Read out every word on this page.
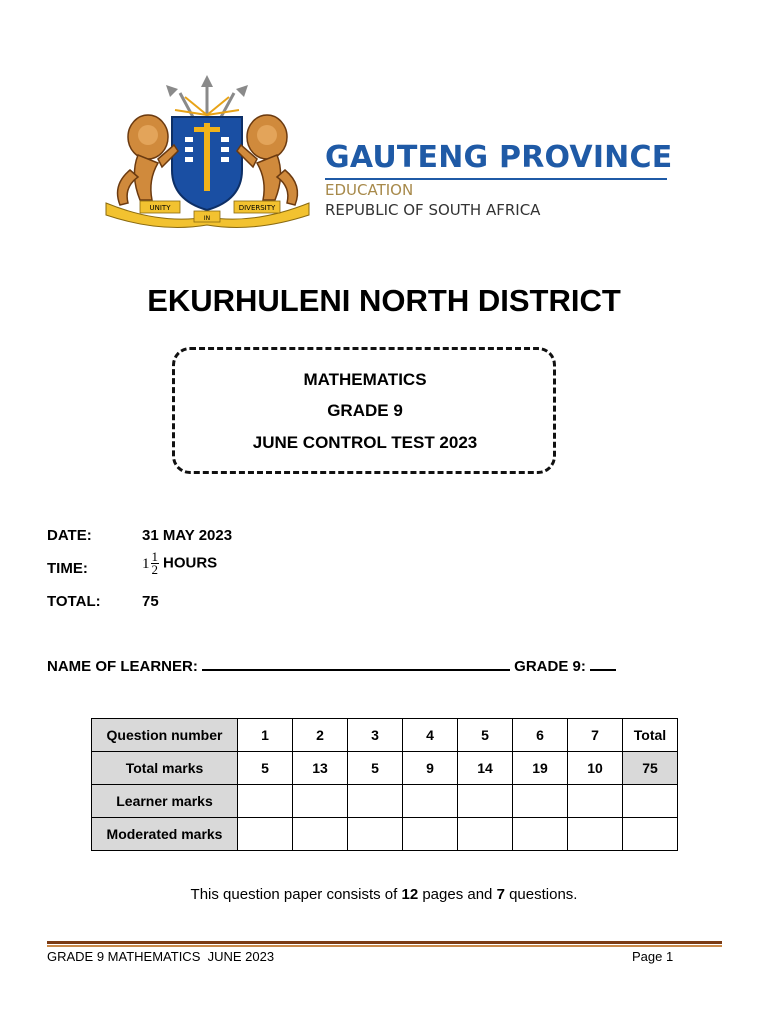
UNITY
IN
DIVERSITY
GAUTENG PROVINCE
EDUCATION
REPUBLIC OF SOUTH AFRICA
EKURHULENI NORTH DISTRICT
MATHEMATICS
GRADE 9
JUNE CONTROL TEST 2023
DATE:	31 MAY 2023
TIME:	$1 \frac{1}{2}$ HOURS
TOTAL:	75
NAME OF LEARNER:	GRADE 9:
Question number	1	2	3	4	5	6	7	Total
Total marks	5	13	5	9	14	19	10	75
Learner marks								
Moderated marks								
This question paper consists of 12 pages and 7 questions.
GRADE 9 MATHEMATICS  JUNE 2023	Page 1
